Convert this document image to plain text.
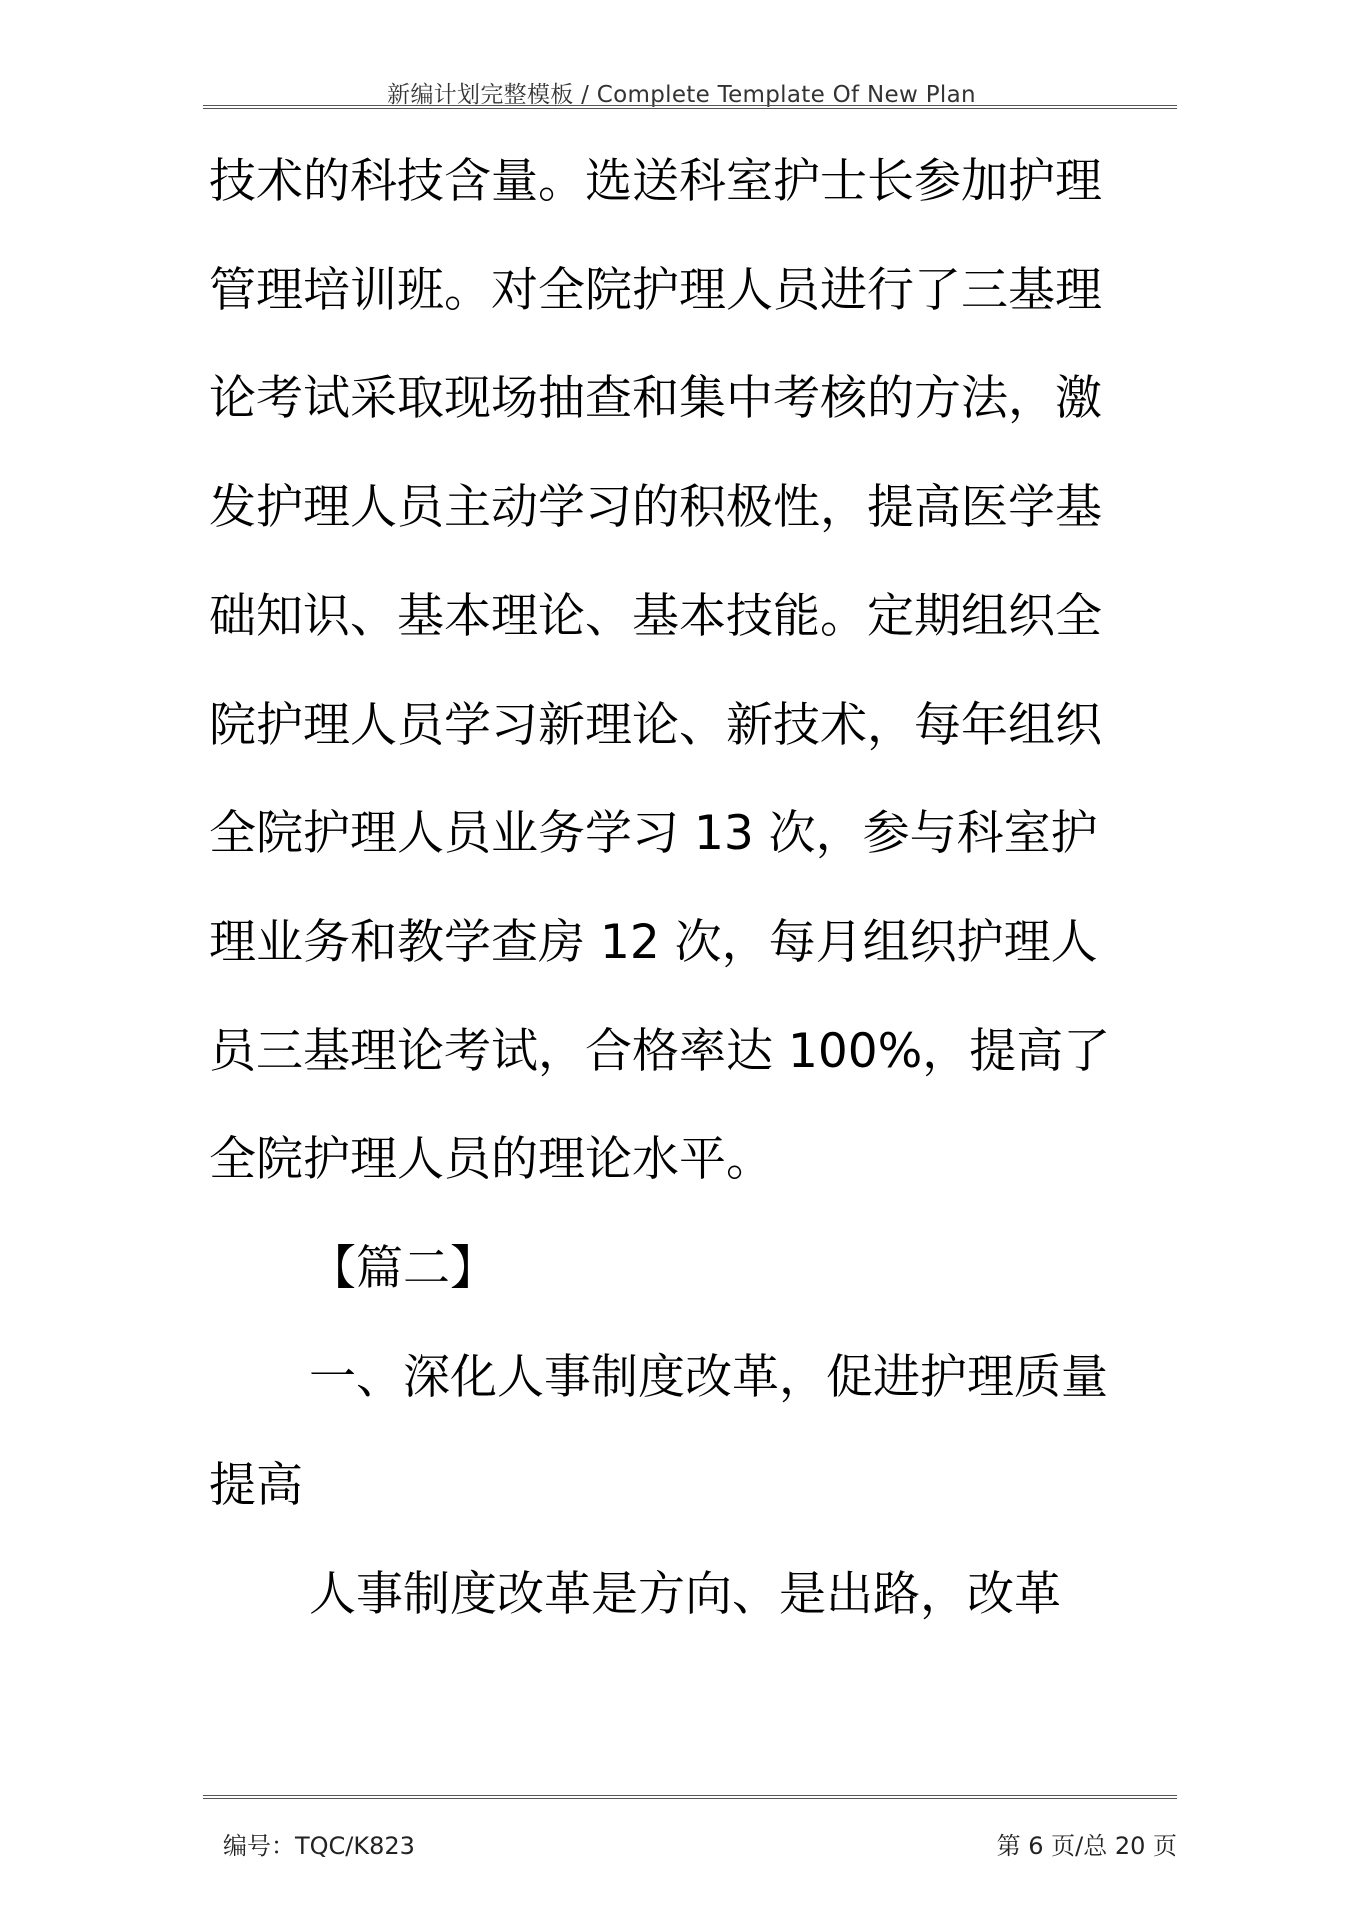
新编计划完整模板 / Complete Template Of New Plan

技术的科技含量。选送科室护士长参加护理管理培训班。对全院护理人员进行了三基理论考试采取现场抽查和集中考核的方法，激发护理人员主动学习的积极性，提高医学基础知识、基本理论、基本技能。定期组织全院护理人员学习新理论、新技术，每年组织全院护理人员业务学习 13 次，参与科室护理业务和教学查房 12 次，每月组织护理人员三基理论考试，合格率达 100%，提高了全院护理人员的理论水平。

【篇二】

一、深化人事制度改革，促进护理质量提高

人事制度改革是方向、是出路，改革

编号：TQC/K823	第 6 页/总 20 页
